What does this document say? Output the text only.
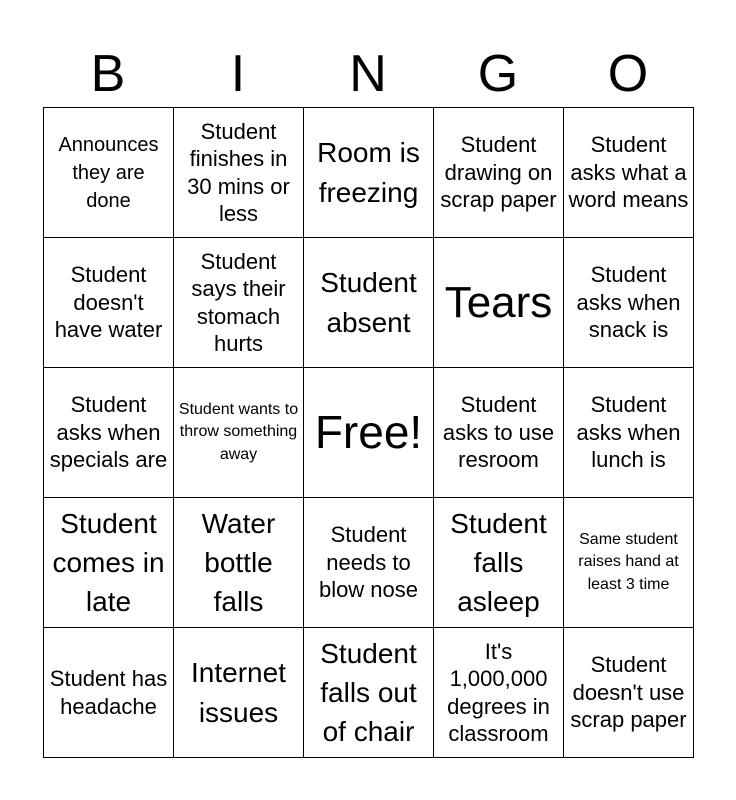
B	I	N	G	O
Announces they are done	Student finishes in 30 mins or less	Room is freezing	Student drawing on scrap paper	Student asks what a word means
Student doesn't have water	Student says their stomach hurts	Student absent	Tears	Student asks when snack is
Student asks when specials are	Student wants to throw something away	Free!	Student asks to use resroom	Student asks when lunch is
Student comes in late	Water bottle falls	Student needs to blow nose	Student falls asleep	Same student raises hand at least 3 time
Student has headache	Internet issues	Student falls out of chair	It's 1,000,000 degrees in classroom	Student doesn't use scrap paper
